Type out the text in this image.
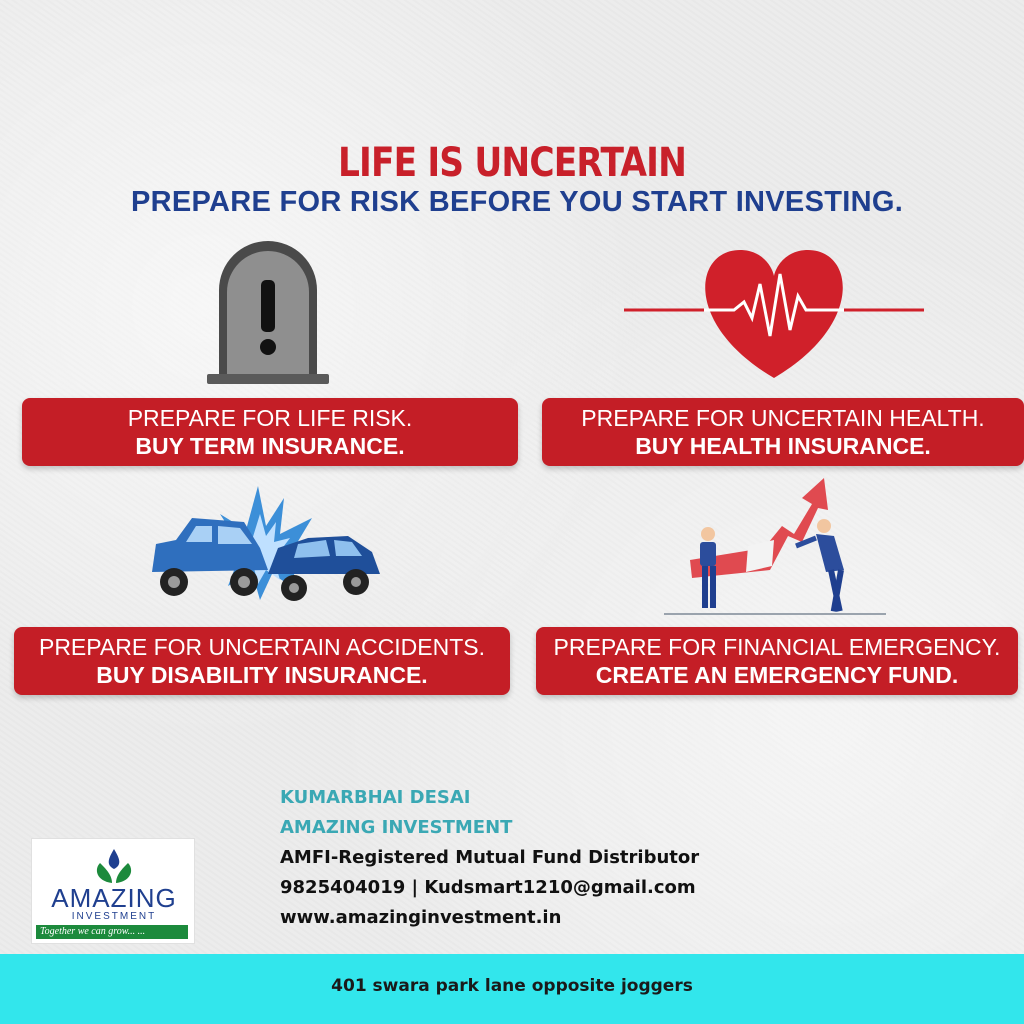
LIFE IS UNCERTAIN
PREPARE FOR RISK BEFORE YOU START INVESTING.
PREPARE FOR LIFE RISK.
BUY TERM INSURANCE.
PREPARE FOR UNCERTAIN HEALTH.
BUY HEALTH INSURANCE.
PREPARE FOR UNCERTAIN ACCIDENTS.
BUY DISABILITY INSURANCE.
PREPARE FOR FINANCIAL EMERGENCY.
CREATE AN EMERGENCY FUND.
AMAZING
INVESTMENT
Together we can grow... ...
KUMARBHAI DESAI
AMAZING INVESTMENT
AMFI-Registered Mutual Fund Distributor
9825404019 | Kudsmart1210@gmail.com
www.amazinginvestment.in
401 swara park lane opposite joggers
